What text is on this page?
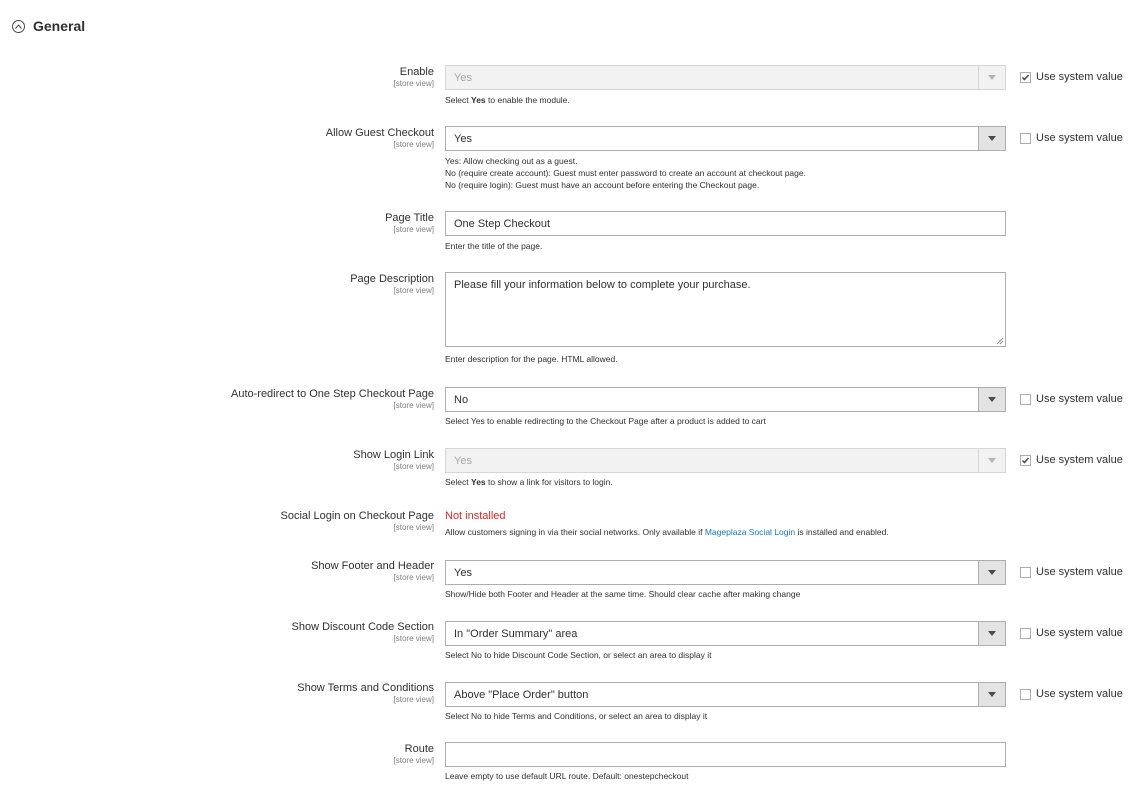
General
Enable
[store view] Yes
Select Yes to enable the module.
Use system value
Allow Guest Checkout
[store view] Yes
Yes: Allow checking out as a guest.
No (require create account): Guest must enter password to create an account at checkout page.
No (require login): Guest must have an account before entering the Checkout page.
Use system value
Page Title
[store view] One Step Checkout
Enter the title of the page.
Page Description
[store view]	Please fill your information below to complete your purchase.
Enter description for the page. HTML allowed.
Auto-redirect to One Step Checkout Page
[store view] No
Select Yes to enable redirecting to the Checkout Page after a product is added to cart
Use system value
Show Login Link
[store view] Yes
Select Yes to show a link for visitors to login.
Use system value
Social Login on Checkout Page
[store view]
Not installed
Allow customers signing in via their social networks. Only available if Mageplaza Social Login is installed and enabled.
Show Footer and Header
[store view] Yes
Show/Hide both Footer and Header at the same time. Should clear cache after making change
Use system value
Show Discount Code Section
[store view] In "Order Summary" area
Select No to hide Discount Code Section, or select an area to display it
Use system value
Show Terms and Conditions
[store view] Above "Place Order" button
Select No to hide Terms and Conditions, or select an area to display it
Use system value
Route
[store view]
Leave empty to use default URL route. Default: onestepcheckout
